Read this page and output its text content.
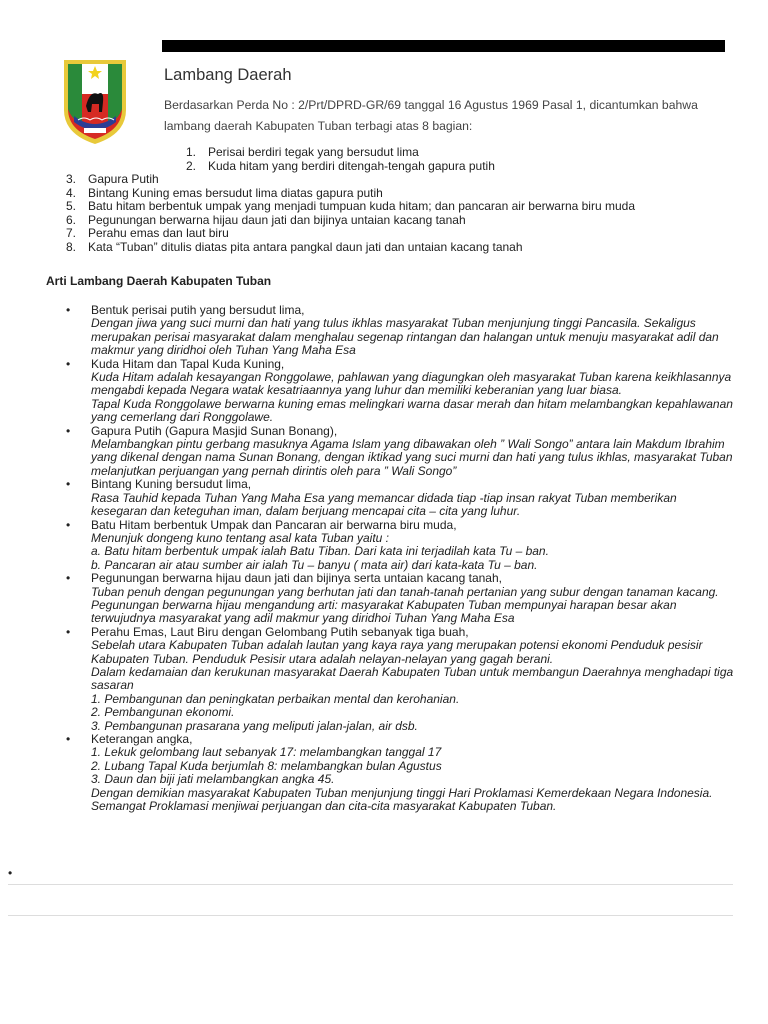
Lambang Daerah
Berdasarkan Perda No : 2/Prt/DPRD-GR/69 tanggal 16 Agustus 1969 Pasal 1, dicantumkan bahwa lambang daerah Kabupaten Tuban terbagi atas 8 bagian:
1. Perisai berdiri tegak yang bersudut lima
2. Kuda hitam yang berdiri ditengah-tengah gapura putih
3. Gapura Putih
4. Bintang Kuning emas bersudut lima diatas gapura putih
5. Batu hitam berbentuk umpak yang menjadi tumpuan kuda hitam; dan pancaran air berwarna biru muda
6. Pegunungan berwarna hijau daun jati dan bijinya untaian kacang tanah
7. Perahu emas dan laut biru
8. Kata “Tuban” ditulis diatas pita antara pangkal daun jati dan untaian kacang tanah
Arti Lambang Daerah Kabupaten Tuban
• Bentuk perisai putih yang bersudut lima,
Dengan jiwa yang suci murni dan hati yang tulus ikhlas masyarakat Tuban menjunjung tinggi Pancasila. Sekaligus merupakan perisai masyarakat dalam menghalau segenap rintangan dan halangan untuk menuju masyarakat adil dan makmur yang diridhoi oleh Tuhan Yang Maha Esa
• Kuda Hitam dan Tapal Kuda Kuning,
Kuda Hitam adalah kesayangan Ronggolawe, pahlawan yang diagungkan oleh masyarakat Tuban karena keikhlasannya mengabdi kepada Negara watak kesatriaannya yang luhur dan memiliki keberanian yang luar biasa.
Tapal Kuda Ronggolawe berwarna kuning emas melingkari warna dasar merah dan hitam melambangkan kepahlawanan yang cemerlang dari Ronggolawe.
• Gapura Putih (Gapura Masjid Sunan Bonang),
Melambangkan pintu gerbang masuknya Agama Islam yang dibawakan oleh ” Wali Songo” antara lain Makdum Ibrahim yang dikenal dengan nama Sunan Bonang, dengan iktikad yang suci murni dan hati yang tulus ikhlas, masyarakat Tuban melanjutkan perjuangan yang pernah dirintis oleh para ” Wali Songo”
• Bintang Kuning bersudut lima,
Rasa Tauhid kepada Tuhan Yang Maha Esa yang memancar didada tiap -tiap insan rakyat Tuban memberikan kesegaran dan keteguhan iman, dalam berjuang mencapai cita – cita yang luhur.
• Batu Hitam berbentuk Umpak dan Pancaran air berwarna biru muda,
Menunjuk dongeng kuno tentang asal kata Tuban yaitu :
a. Batu hitam berbentuk umpak ialah Batu Tiban. Dari kata ini terjadilah kata Tu – ban.
b. Pancaran air atau sumber air ialah Tu – banyu ( mata air) dari kata-kata Tu – ban.
• Pegunungan berwarna hijau daun jati dan bijinya serta untaian kacang tanah,
Tuban penuh dengan pegunungan yang berhutan jati dan tanah-tanah pertanian yang subur dengan tanaman kacang.
Pegunungan berwarna hijau mengandung arti: masyarakat Kabupaten Tuban mempunyai harapan besar akan terwujudnya masyarakat yang adil makmur yang diridhoi Tuhan Yang Maha Esa
• Perahu Emas, Laut Biru dengan Gelombang Putih sebanyak tiga buah,
Sebelah utara Kabupaten Tuban adalah lautan yang kaya raya yang merupakan potensi ekonomi Penduduk pesisir Kabupaten Tuban. Penduduk Pesisir utara adalah nelayan-nelayan yang gagah berani.
Dalam kedamaian dan kerukunan masyarakat Daerah Kabupaten Tuban untuk membangun Daerahnya menghadapi tiga sasaran
1. Pembangunan dan peningkatan perbaikan mental dan kerohanian.
2. Pembangunan ekonomi.
3. Pembangunan prasarana yang meliputi jalan-jalan, air dsb.
• Keterangan angka,
1. Lekuk gelombang laut sebanyak 17: melambangkan tanggal 17
2. Lubang Tapal Kuda berjumlah 8: melambangkan bulan Agustus
3. Daun dan biji jati melambangkan angka 45.
Dengan demikian masyarakat Kabupaten Tuban menjunjung tinggi Hari Proklamasi Kemerdekaan Negara Indonesia. Semangat Proklamasi menjiwai perjuangan dan cita-cita masyarakat Kabupaten Tuban.
•
